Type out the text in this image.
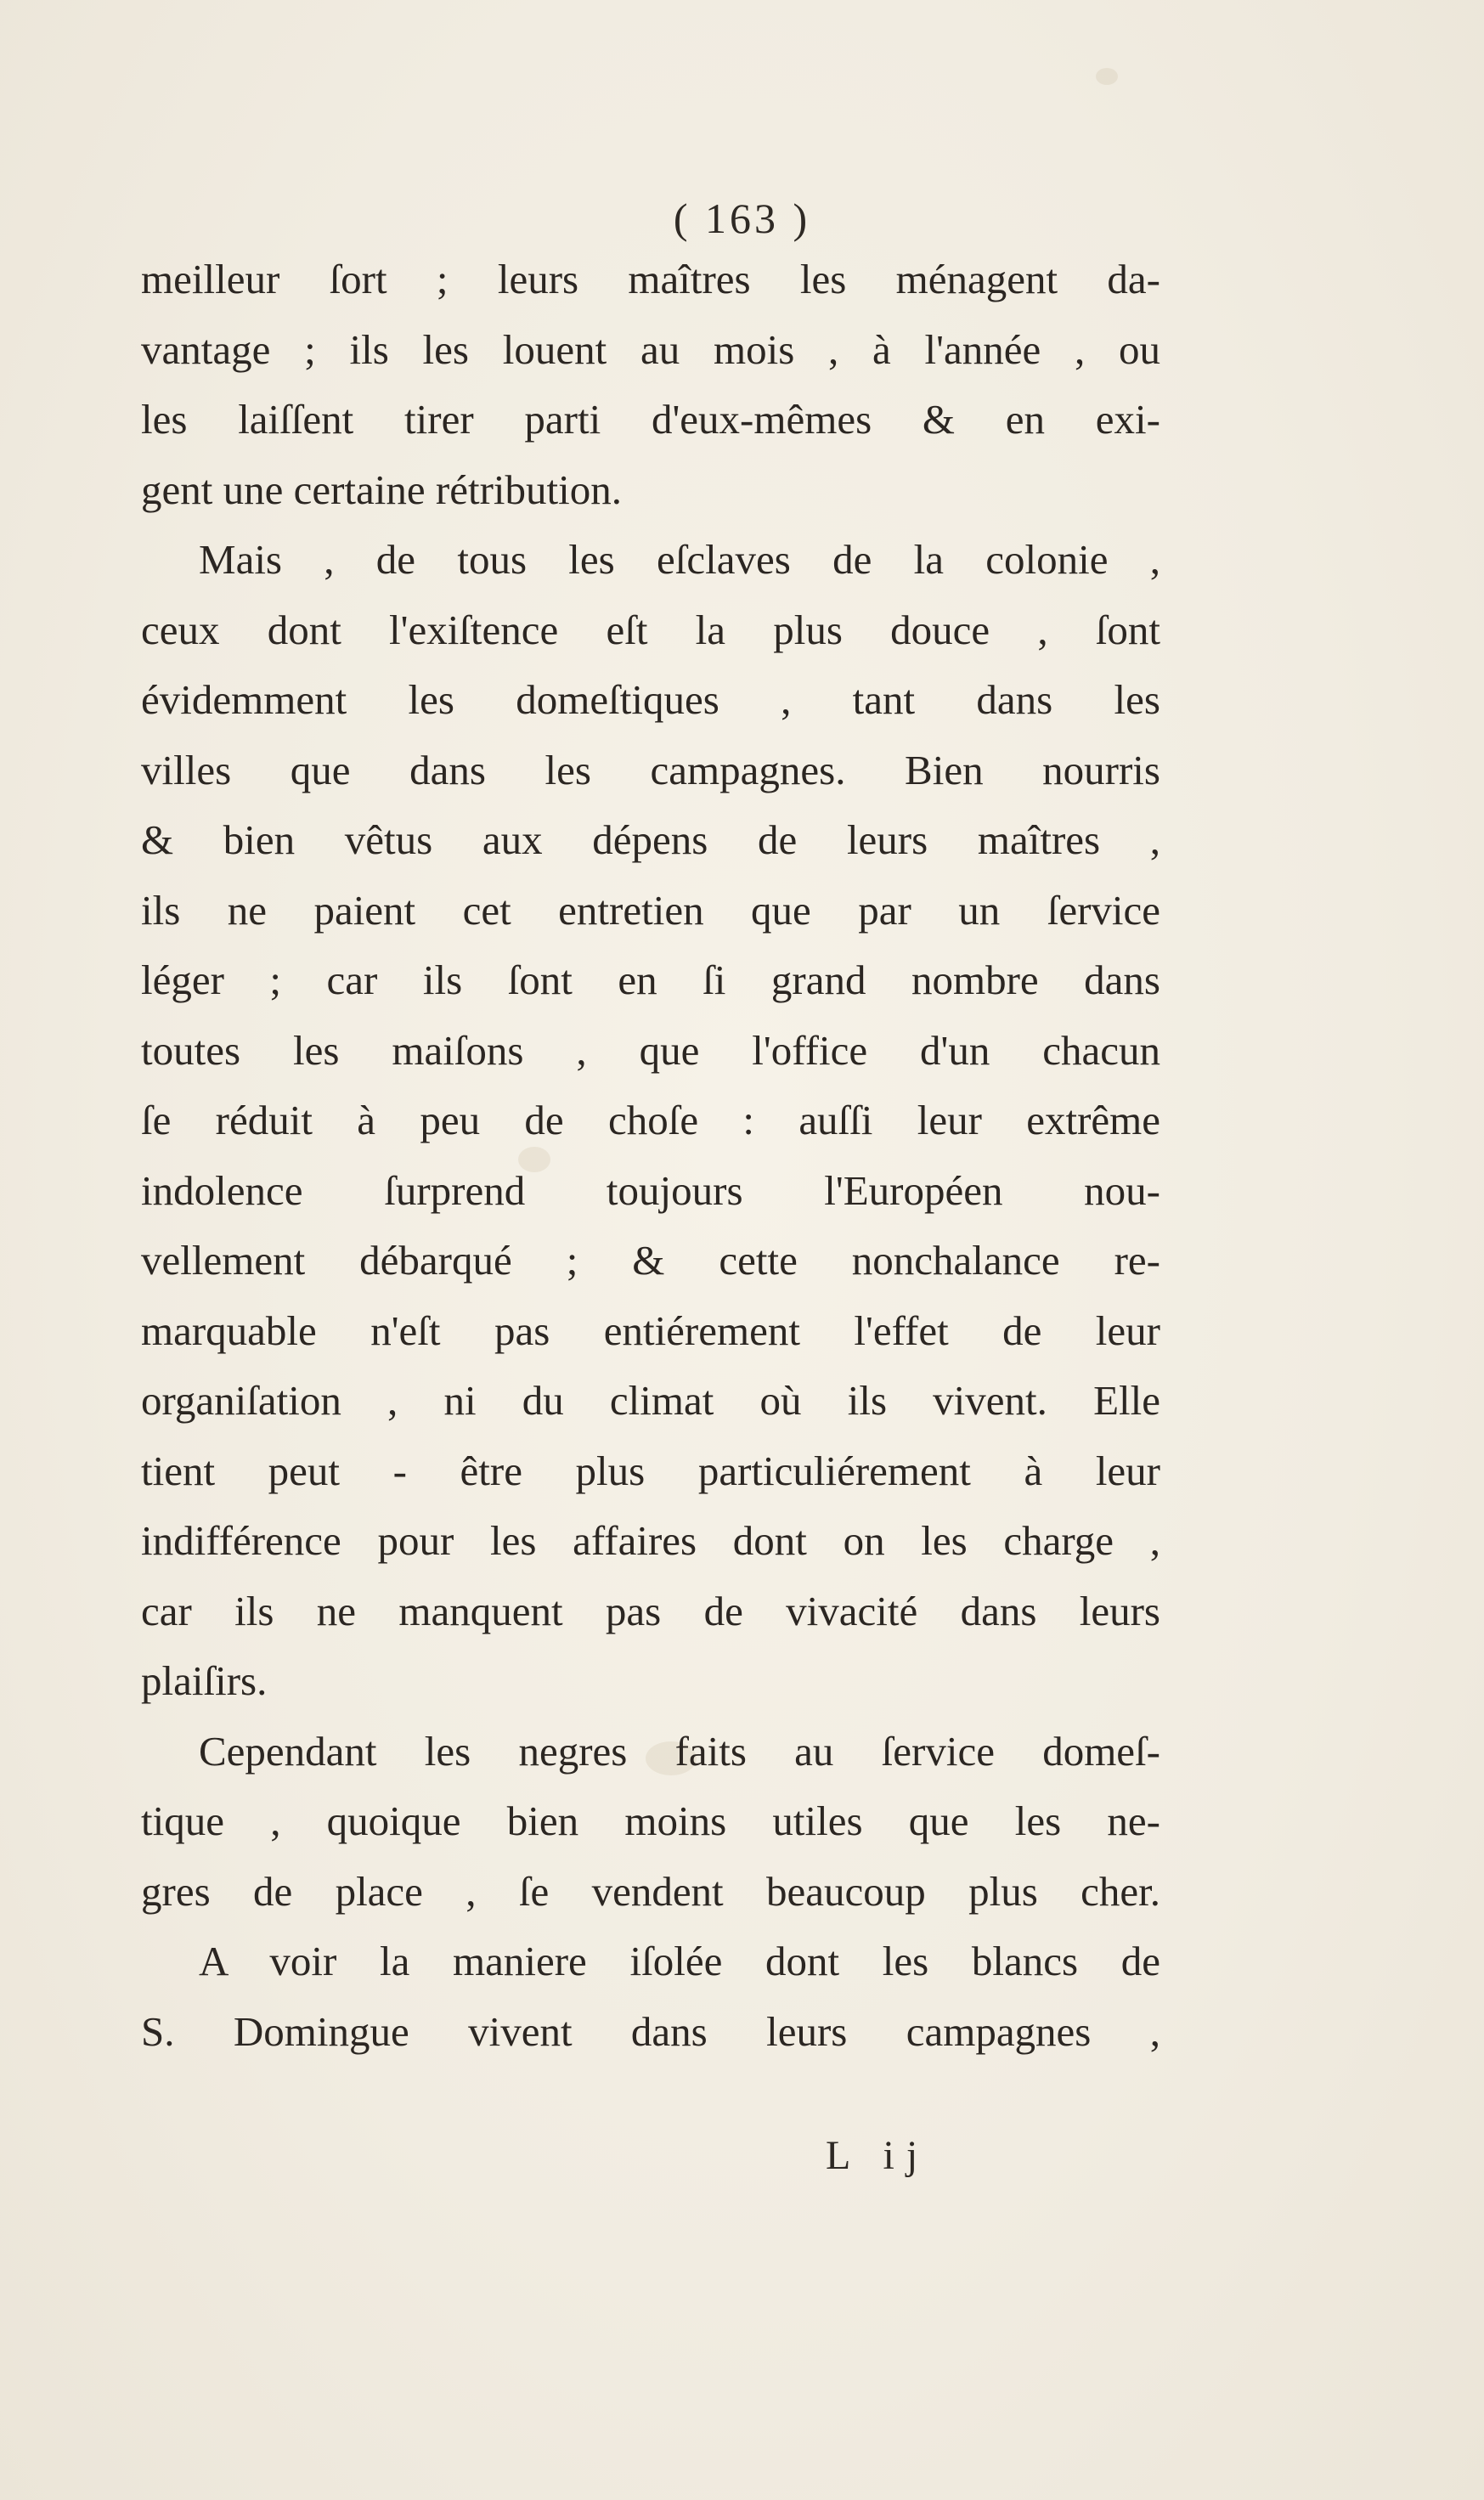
( 163 )
meilleur ſort ; leurs maîtres les ménagent da-
vantage ; ils les louent au mois , à l'année , ou
les laiſſent tirer parti d'eux-mêmes & en exi-
gent une certaine rétribution.
Mais , de tous les eſclaves de la colonie ,
ceux dont l'exiſtence eſt la plus douce , ſont
évidemment les domeſtiques , tant dans les
villes que dans les campagnes. Bien nourris
& bien vêtus aux dépens de leurs maîtres ,
ils ne paient cet entretien que par un ſervice
léger ; car ils ſont en ſi grand nombre dans
toutes les maiſons , que l'office d'un chacun
ſe réduit à peu de choſe : auſſi leur extrême
indolence ſurprend toujours l'Européen nou-
vellement débarqué ; & cette nonchalance re-
marquable n'eſt pas entiérement l'effet de leur
organiſation , ni du climat où ils vivent. Elle
tient peut - être plus particuliérement à leur
indifférence pour les affaires dont on les charge ,
car ils ne manquent pas de vivacité dans leurs
plaiſirs.
Cependant les negres faits au ſervice domeſ-
tique , quoique bien moins utiles que les ne-
gres de place , ſe vendent beaucoup plus cher.
A voir la maniere iſolée dont les blancs de
S. Domingue vivent dans leurs campagnes ,
L ij
